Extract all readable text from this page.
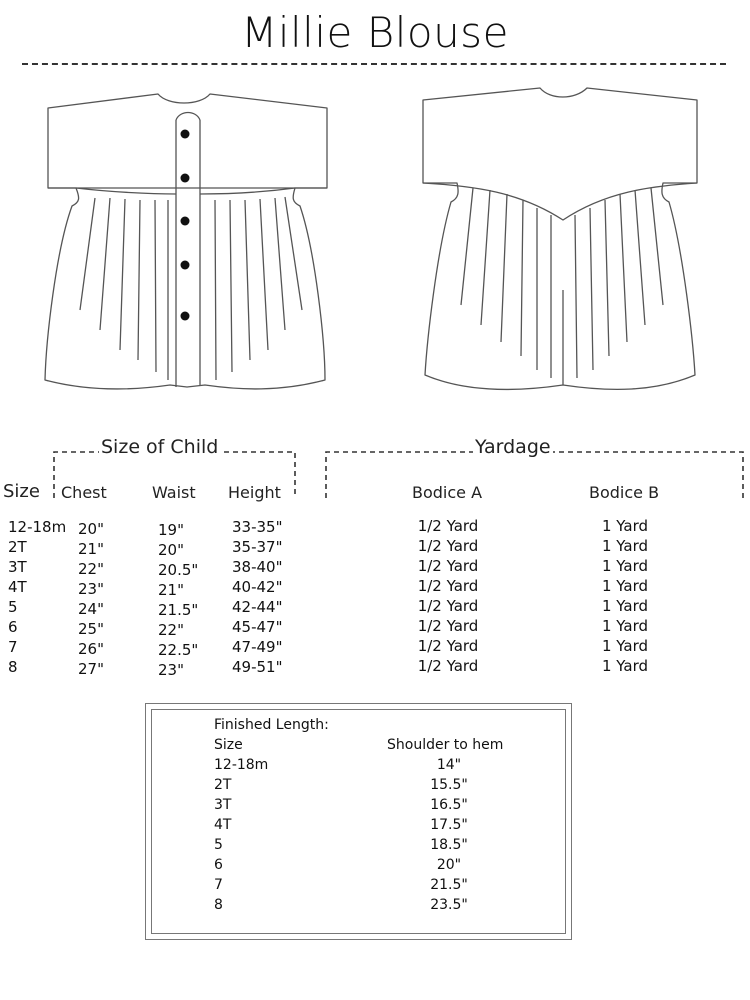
Millie Blouse
Size of Child
Size Chest	Waist Height
12-18m 20"	19"	33-35"
2T	21"	20"	35-37"
3T	22"	20.5" 38-40"
4T	23"	21"	40-42"
5	24"	21.5" 42-44"
6	25"	22"	45-47"
7	26"	22.5" 47-49"
8	27"	23"	49-51"
Yardage
Bodice A	Bodice B
1/2 Yard	1 Yard
1/2 Yard	1 Yard
1/2 Yard	1 Yard
1/2 Yard	1 Yard
1/2 Yard	1 Yard
1/2 Yard	1 Yard
1/2 Yard	1 Yard
1/2 Yard	1 Yard
Finished Length:
Size	Shoulder to hem
12-18m	14"
2T	15.5"
3T	16.5"
4T	17.5"
5	18.5"
6	20"
7	21.5"
8	23.5"
